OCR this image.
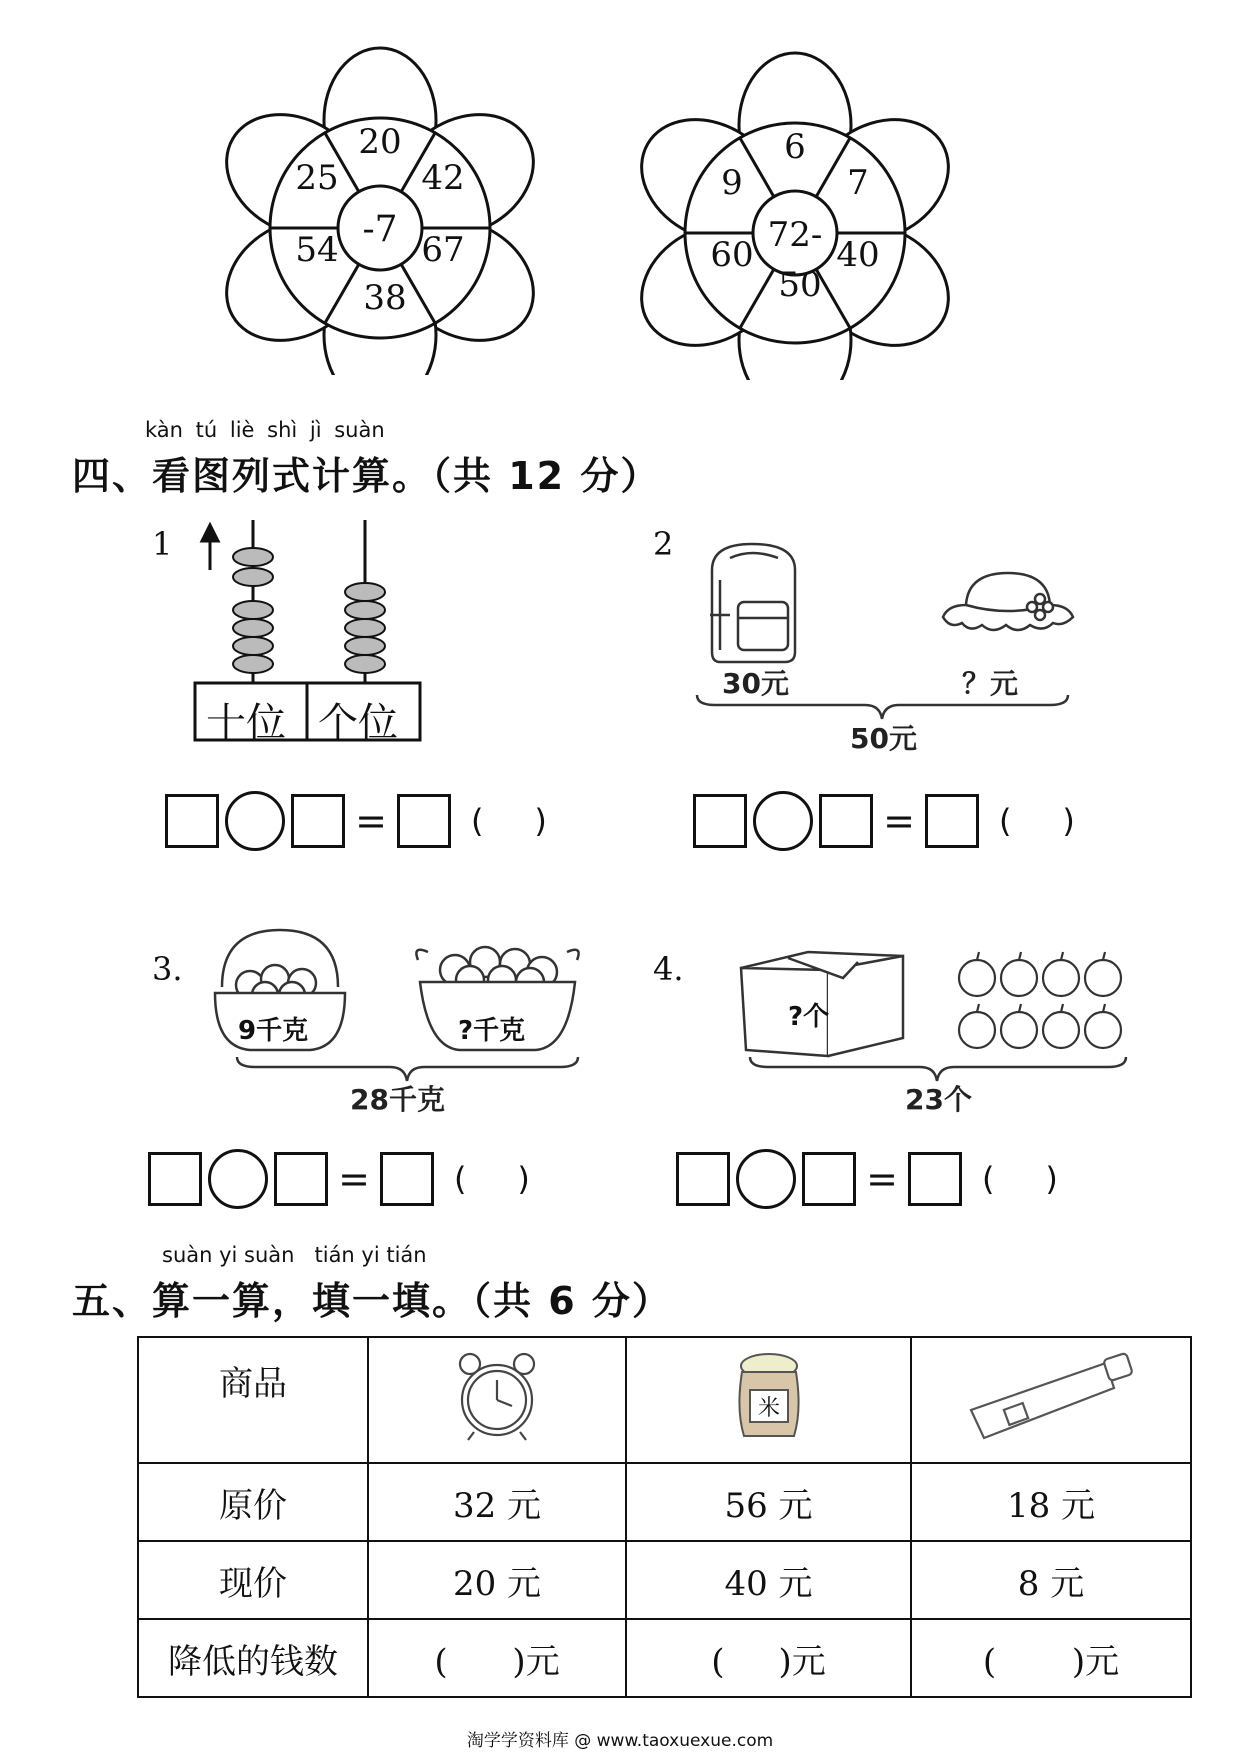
-7
20
42
67
38
54
25
72-
6
7
40
50
60
9
kàn tú liè shì jì suàn
四、看图列式计算。（共 12 分）
1
十位 个位
2
30元	？元
50元
=	(     )	=	(     )
3.
9千克	?千克
28千克
4.
?个
23个
=	(     )	=	(     )
suàn yi suàn   tián yi tián
五、算一算，填一填。（共 6 分）
商品		米

原价	32 元	56 元	18 元
现价	20 元	40 元	8 元
降低的钱数	(      )元	(     )元	(       )元
淘学学资料库 @ www.taoxuexue.com
